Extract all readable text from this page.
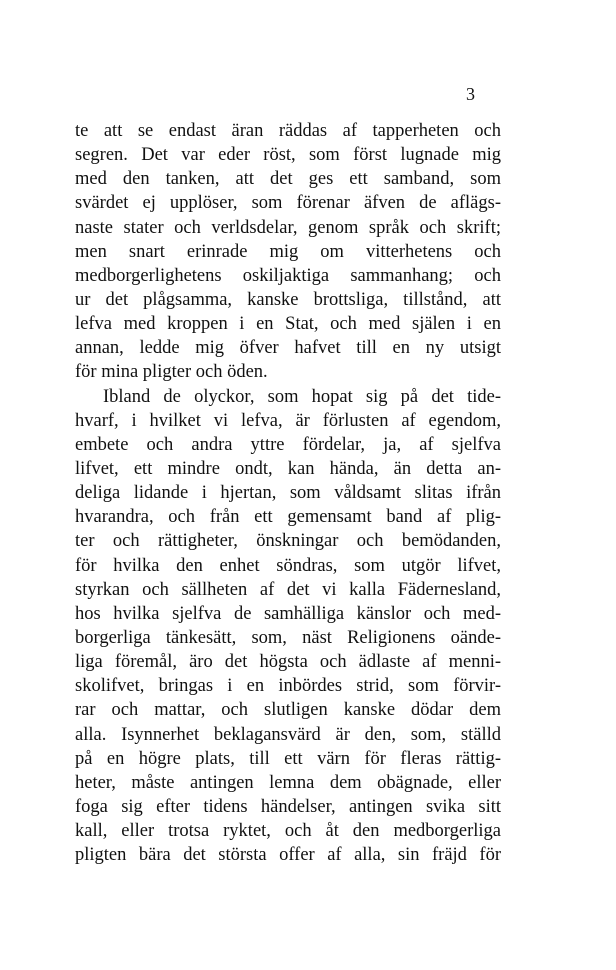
3
te att se endast äran räddas af tapperheten och
segren. Det var eder röst, som först lugnade mig
med den tanken, att det ges ett samband, som
svärdet ej upplöser, som förenar äfven de aflägs-
naste stater och verldsdelar, genom språk och skrift;
men snart erinrade mig om vitterhetens och
medborgerlighetens oskiljaktiga sammanhang; och
ur det plågsamma, kanske brottsliga, tillstånd, att
lefva med kroppen i en Stat, och med själen i en
annan, ledde mig öfver hafvet till en ny utsigt
för mina pligter och öden.
Ibland de olyckor, som hopat sig på det tide-
hvarf, i hvilket vi lefva, är förlusten af egendom,
embete och andra yttre fördelar, ja, af sjelfva
lifvet, ett mindre ondt, kan hända, än detta an-
deliga lidande i hjertan, som våldsamt slitas ifrån
hvarandra, och från ett gemensamt band af plig-
ter och rättigheter, önskningar och bemödanden,
för hvilka den enhet söndras, som utgör lifvet,
styrkan och sällheten af det vi kalla Fäderneslаnd,
hos hvilka sjelfva de samhälliga känslor och med-
borgerliga tänkesätt, som, näst Religionens oände-
liga föremål, äro det högsta och ädlaste af menni-
skolifvet, bringas i en inbördes strid, som förvir-
rar och mattar, och slutligen kanske dödar dem
alla. Isynnerhet beklagansvärd är den, som, ställd
på en högre plats, till ett värn för fleras rättig-
heter, måste antingen lemna dem obägnade, eller
foga sig efter tidens händelser, antingen svika sitt
kall, eller trotsa ryktet, och åt den medborgerliga
pligten bära det största offer af alla, sin fräjd för
